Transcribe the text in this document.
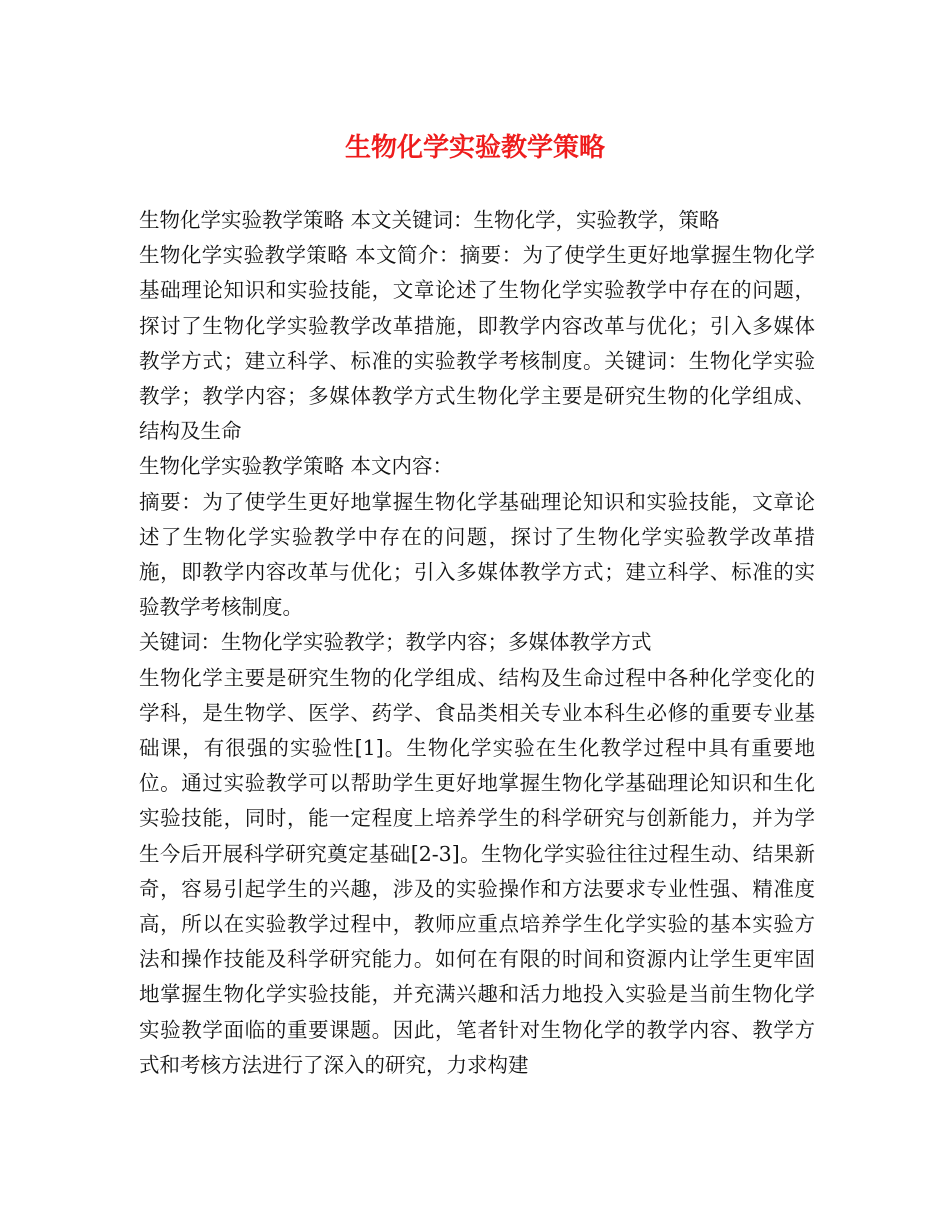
生物化学实验教学策略

生物化学实验教学策略 本文关键词：生物化学，实验教学，策略

生物化学实验教学策略 本文简介：摘要：为了使学生更好地掌握生物化学基础理论知识和实验技能，文章论述了生物化学实验教学中存在的问题，探讨了生物化学实验教学改革措施，即教学内容改革与优化；引入多媒体教学方式；建立科学、标准的实验教学考核制度。关键词：生物化学实验教学；教学内容；多媒体教学方式生物化学主要是研究生物的化学组成、结构及生命

生物化学实验教学策略 本文内容：

摘要：为了使学生更好地掌握生物化学基础理论知识和实验技能，文章论述了生物化学实验教学中存在的问题，探讨了生物化学实验教学改革措施，即教学内容改革与优化；引入多媒体教学方式；建立科学、标准的实验教学考核制度。

关键词：生物化学实验教学；教学内容；多媒体教学方式

生物化学主要是研究生物的化学组成、结构及生命过程中各种化学变化的学科，是生物学、医学、药学、食品类相关专业本科生必修的重要专业基础课，有很强的实验性[1]。生物化学实验在生化教学过程中具有重要地位。通过实验教学可以帮助学生更好地掌握生物化学基础理论知识和生化实验技能，同时，能一定程度上培养学生的科学研究与创新能力，并为学生今后开展科学研究奠定基础[2-3]。生物化学实验往往过程生动、结果新奇，容易引起学生的兴趣，涉及的实验操作和方法要求专业性强、精准度高，所以在实验教学过程中，教师应重点培养学生化学实验的基本实验方法和操作技能及科学研究能力。如何在有限的时间和资源内让学生更牢固地掌握生物化学实验技能，并充满兴趣和活力地投入实验是当前生物化学实验教学面临的重要课题。因此，笔者针对生物化学的教学内容、教学方式和考核方法进行了深入的研究，力求构建
